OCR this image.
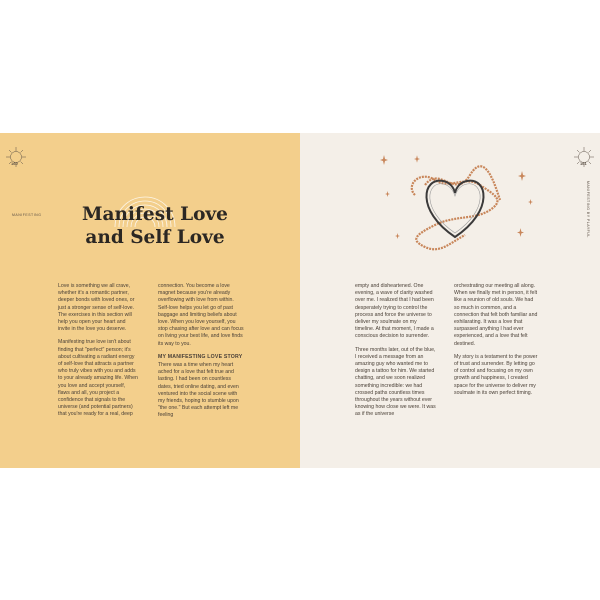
Manifest Love
and Self Love

Love is something we all crave, whether it's a romantic partner, deeper bonds with loved ones, or just a stronger sense of self-love. The exercises in this section will help you open your heart and invite in the love you deserve.

Manifesting true love isn't about finding that "perfect" person; it's about cultivating a radiant energy of self-love that attracts a partner who truly vibes with you and adds to your already amazing life. When you love and accept yourself, flaws and all, you project a confidence that signals to the universe (and potential partners) that you're ready for a real, deep

connection. You become a love magnet because you're already overflowing with love from within. Self-love helps you let go of past baggage and limiting beliefs about love. When you love yourself, you stop chasing after love and can focus on living your best life, and love finds its way to you.

MY MANIFESTING LOVE STORY

There was a time when my heart ached for a love that felt true and lasting. I had been on countless dates, tried online dating, and even ventured into the social scene with my friends, hoping to stumble upon "the one." But each attempt left me feeling

160
MANIFESTING

empty and disheartened. One evening, a wave of clarity washed over me. I realized that I had been desperately trying to control the process and force the universe to deliver my soulmate on my timeline. At that moment, I made a conscious decision to surrender.

Three months later, out of the blue, I received a message from an amazing guy who wanted me to design a tattoo for him. We started chatting, and we soon realized something incredible: we had crossed paths countless times throughout the years without ever knowing how close we were. It was as if the universe

orchestrating our meeting all along. When we finally met in person, it felt like a reunion of old souls. We had so much in common, and a connection that felt both familiar and exhilarating. It was a love that surpassed anything I had ever experienced, and a love that felt destined.

My story is a testament to the power of trust and surrender. By letting go of control and focusing on my own growth and happiness, I created space for the universe to deliver my soulmate in its own perfect timing.

161
MANIFESTING BY PLAYFUL
